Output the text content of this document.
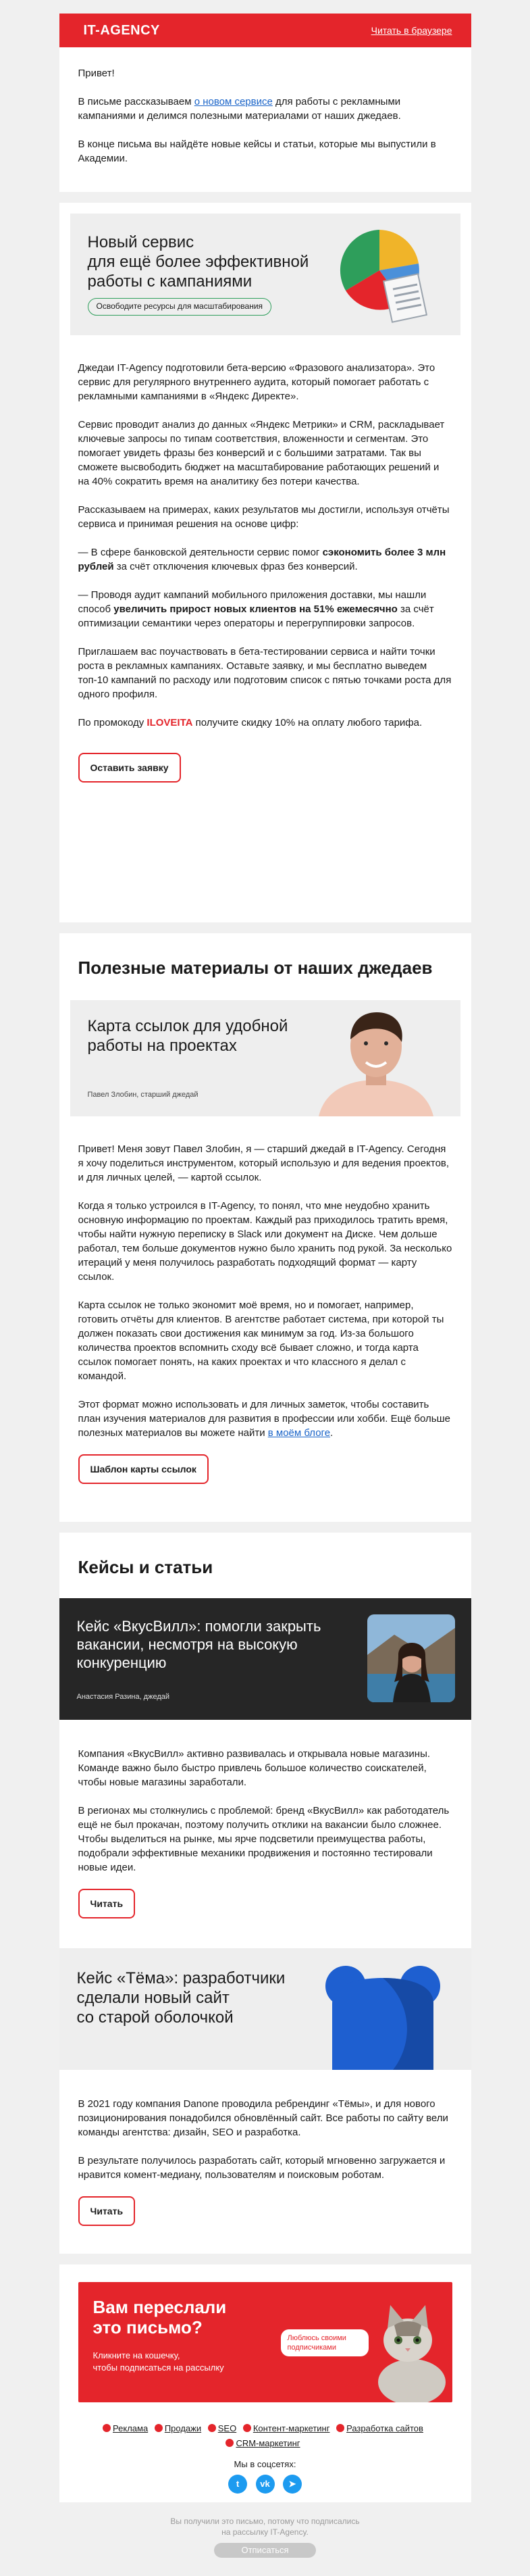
IT-AGENCY	Читать в браузере

Привет!

В письме рассказываем о новом сервисе для работы с рекламными кампаниями и делимся полезными материалами от наших джедаев.

В конце письма вы найдёте новые кейсы и статьи, которые мы выпустили в Академии.

Новый сервис
для ещё более эффективной
работы с кампаниями
Освободите ресурсы для масштабирования

Джедаи IT-Agency подготовили бета-версию «Фразового анализатора». Это сервис для регулярного внутреннего аудита, который помогает работать с рекламными кампаниями в «Яндекс Директе».

Сервис проводит анализ до данных «Яндекс Метрики» и CRM, раскладывает ключевые запросы по типам соответствия, вложенности и сегментам. Это помогает увидеть фразы без конверсий и с большими затратами. Так вы сможете высвободить бюджет на масштабирование работающих решений и на 40% сократить время на аналитику без потери качества.

Рассказываем на примерах, каких результатов мы достигли, используя отчёты сервиса и принимая решения на основе цифр:

— В сфере банковской деятельности сервис помог сэкономить более 3 млн рублей за счёт отключения ключевых фраз без конверсий.

— Проводя аудит кампаний мобильного приложения доставки, мы нашли способ увеличить прирост новых клиентов на 51% ежемесячно за счёт оптимизации семантики через операторы и перегруппировки запросов.

Приглашаем вас поучаствовать в бета-тестировании сервиса и найти точки роста в рекламных кампаниях. Оставьте заявку, и мы бесплатно выведем топ-10 кампаний по расходу или подготовим список с пятью точками роста для одного профиля.

По промокоду ILOVEITA получите скидку 10% на оплату любого тарифа.

Оставить заявку
Полезные материалы от наших джедаев
Карта ссылок для удобной
работы на проектах
Павел Злобин, старший джедай

Привет! Меня зовут Павел Злобин, я — старший джедай в IT-Agency. Сегодня я хочу поделиться инструментом, который использую и для ведения проектов, и для личных целей, — картой ссылок.

Когда я только устроился в IT-Agency, то понял, что мне неудобно хранить основную информацию по проектам. Каждый раз приходилось тратить время, чтобы найти нужную переписку в Slack или документ на Диске. Чем дольше работал, тем больше документов нужно было хранить под рукой. За несколько итераций у меня получилось разработать подходящий формат — карту ссылок.

Карта ссылок не только экономит моё время, но и помогает, например, готовить отчёты для клиентов. В агентстве работает система, при которой ты должен показать свои достижения как минимум за год. Из-за большого количества проектов вспомнить сходу всё бывает сложно, и тогда карта ссылок помогает понять, на каких проектах и что классного я делал с командой.

Этот формат можно использовать и для личных заметок, чтобы составить план изучения материалов для развития в профессии или хобби. Ещё больше полезных материалов вы можете найти в моём блоге.

Шаблон карты ссылок
Кейсы и статьи
Кейс «ВкусВилл»: помогли закрыть
вакансии, несмотря на высокую
конкуренцию
Анастасия Разина, джедай

Компания «ВкусВилл» активно развивалась и открывала новые магазины. Команде важно было быстро привлечь большое количество соискателей, чтобы новые магазины заработали.

В регионах мы столкнулись с проблемой: бренд «ВкусВилл» как работодатель ещё не был прокачан, поэтому получить отклики на вакансии было сложнее. Чтобы выделиться на рынке, мы ярче подсветили преимущества работы, подобрали эффективные механики продвижения и постоянно тестировали новые идеи.

Читать
Кейс «Тёма»: разработчики
сделали новый сайт
со старой оболочкой

В 2021 году компания Danone проводила ребрендинг «Тёмы», и для нового позиционирования понадобился обновлённый сайт. Все работы по сайту вели команды агентства: дизайн, SEO и разработка.

В результате получилось разработать сайт, который мгновенно загружается и нравится комент-медиану, пользователям и поисковым роботам.

Читать
Вам переслали
это письмо?
Кликните на кошечку,
чтобы подписаться на рассылку
Люблюсь своими
подписчиками
Реклама Продажи SEO Контент-маркетинг Разработка сайтов
CRM-маркетинг
Мы в соцсетях:
t vk ➤
Вы получили это письмо, потому что подписались
на рассылку IT-Agency.
Отписаться
